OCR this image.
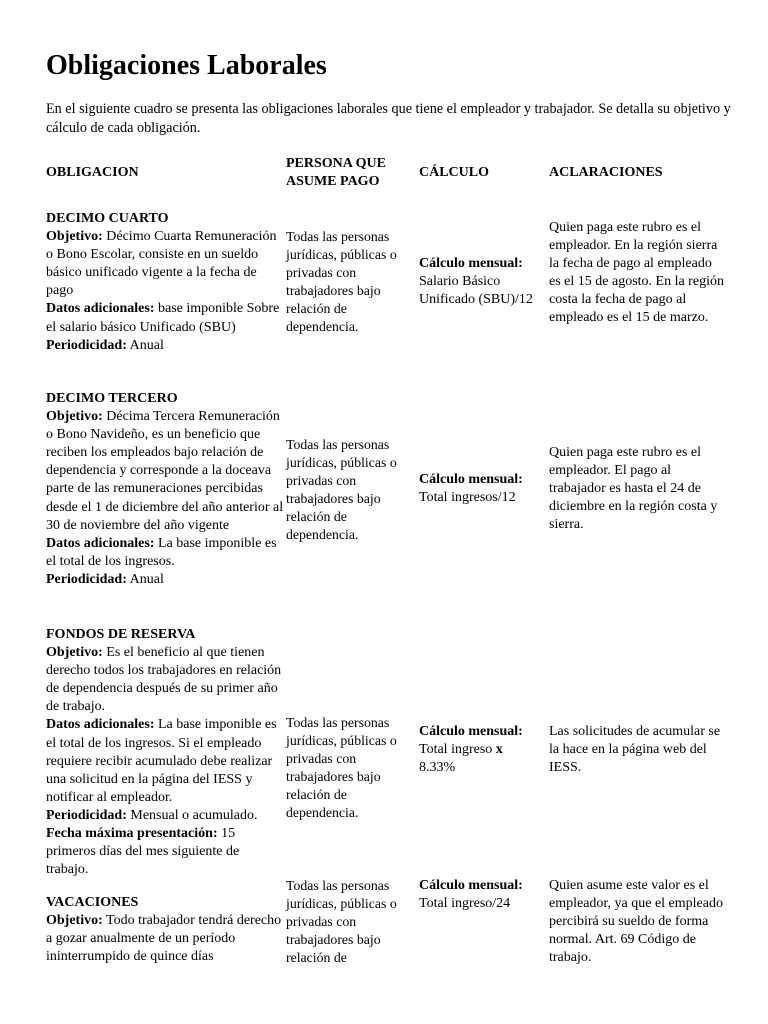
Obligaciones Laborales

En el siguiente cuadro se presenta las obligaciones laborales que tiene el empleador y trabajador. Se detalla su objetivo y cálculo de cada obligación.

OBLIGACION
PERSONA QUE ASUME PAGO
CÁLCULO	ACLARACIONES
DECIMO CUARTO
Objetivo: Décimo Cuarta Remuneración o Bono Escolar, consiste en un sueldo básico unificado vigente a la fecha de pago
Datos adicionales: base imponible Sobre el salario básico Unificado (SBU)
Periodicidad: Anual
Todas las personas jurídicas, públicas o privadas con trabajadores bajo relación de dependencia.
Cálculo mensual:
Salario Básico Unificado (SBU)/12
Quien paga este rubro es el empleador. En la región sierra la fecha de pago al empleado es el 15 de agosto. En la región costa la fecha de pago al empleado es el 15 de marzo.
DECIMO TERCERO
Objetivo: Décima Tercera Remuneración o Bono Navideño, es un beneficio que reciben los empleados bajo relación de dependencia y corresponde a la doceava parte de las remuneraciones percibidas desde el 1 de diciembre del año anterior al 30 de noviembre del año vigente
Datos adicionales: La base imponible es el total de los ingresos.
Periodicidad: Anual
Todas las personas jurídicas, públicas o privadas con trabajadores bajo relación de dependencia.
Cálculo mensual:
Total ingresos/12
Quien paga este rubro es el empleador. El pago al trabajador es hasta el 24 de diciembre en la región costa y sierra.
FONDOS DE RESERVA
Objetivo: Es el beneficio al que tienen derecho todos los trabajadores en relación de dependencia después de su primer año de trabajo.
Datos adicionales: La base imponible es el total de los ingresos. Si el empleado requiere recibir acumulado debe realizar una solicitud en la página del IESS y notificar al empleador.
Periodicidad: Mensual o acumulado.
Fecha máxima presentación: 15 primeros días del mes siguiente de trabajo.
Todas las personas jurídicas, públicas o privadas con trabajadores bajo relación de dependencia.
Cálculo mensual:
Total ingreso x
8.33%
Las solicitudes de acumular se la hace en la página web del IESS.
VACACIONES
Objetivo: Todo trabajador tendrá derecho a gozar anualmente de un período ininterrumpido de quince días
Todas las personas jurídicas, públicas o privadas con trabajadores bajo relación de
Cálculo mensual:
Total ingreso/24
Quien asume este valor es el empleador, ya que el empleado percibirá su sueldo de forma normal. Art. 69 Código de trabajo.
